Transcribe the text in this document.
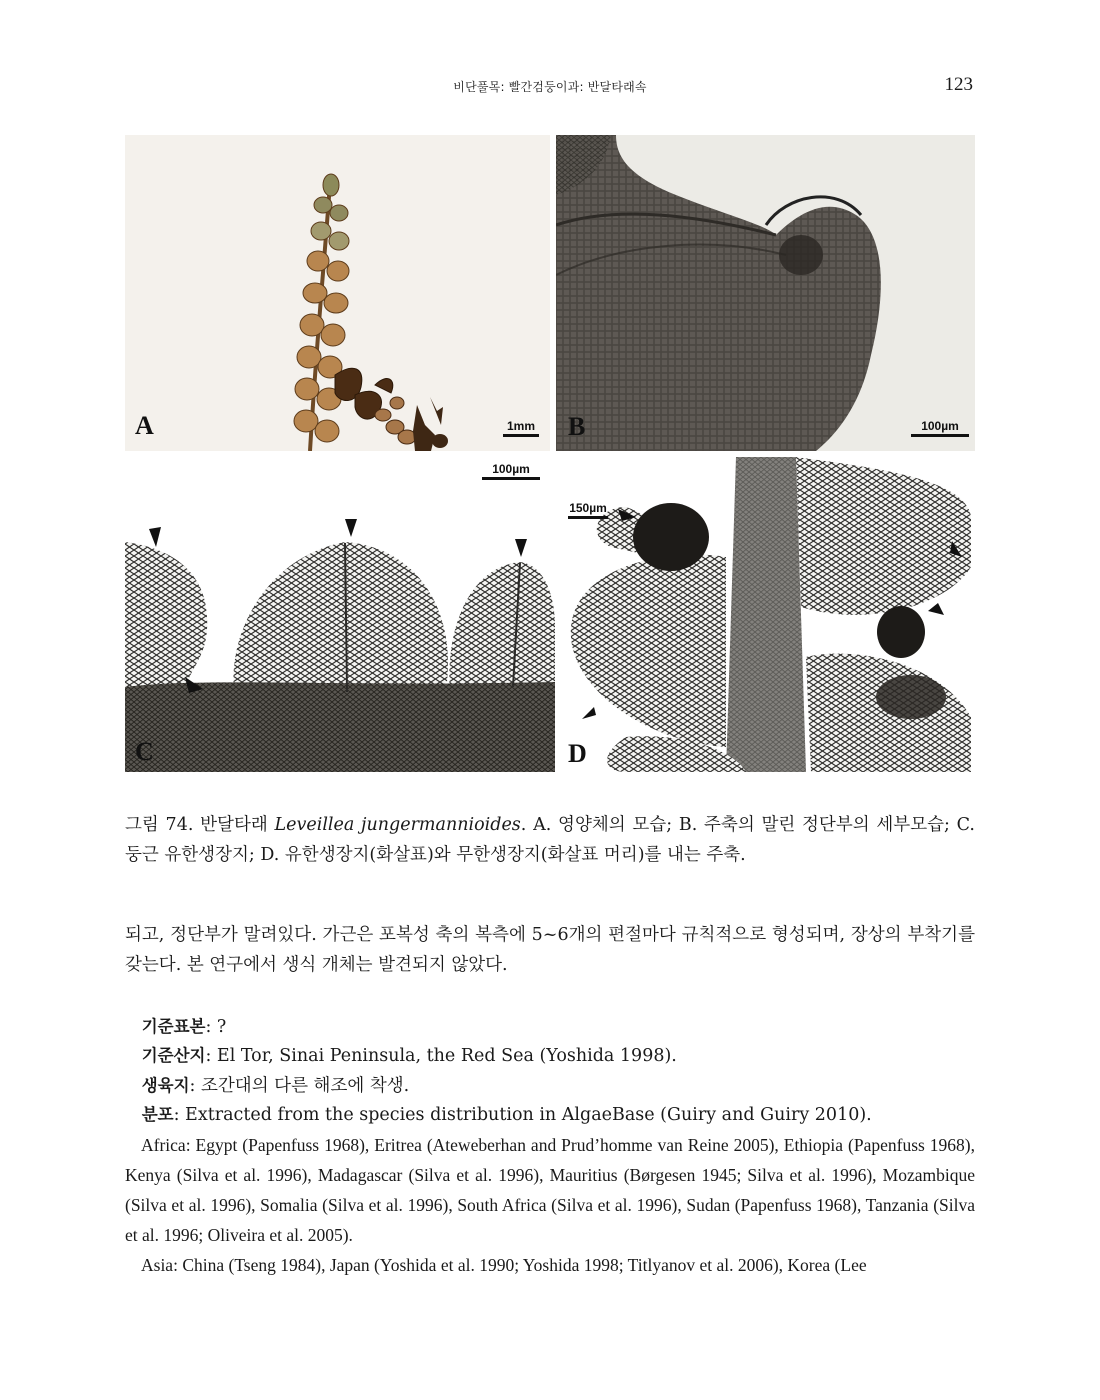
비단풀목: 빨간검둥이과: 반달타래속	123
A	1mm B	100µm
C
100µm
D
150µm
그림 74. 반달타래 Leveillea jungermannioides. A. 영양체의 모습; B. 주축의 말린 정단부의 세부모습; C. 둥근 유한생장지; D. 유한생장지(화살표)와 무한생장지(화살표 머리)를 내는 주축.
되고, 정단부가 말려있다. 가근은 포복성 축의 복측에 5~6개의 편절마다 규칙적으로 형성되며, 장상의 부착기를 갖는다. 본 연구에서 생식 개체는 발견되지 않았다.
기준표본: ?
기준산지: El Tor, Sinai Peninsula, the Red Sea (Yoshida 1998).
생육지: 조간대의 다른 해조에 착생.
분포: Extracted from the species distribution in AlgaeBase (Guiry and Guiry 2010).

Africa: Egypt (Papenfuss 1968), Eritrea (Ateweberhan and Prud’homme van Reine 2005), Ethiopia (Papenfuss 1968), Kenya (Silva et al. 1996), Madagascar (Silva et al. 1996), Mauritius (Børgesen 1945; Silva et al. 1996), Mozambique (Silva et al. 1996), Somalia (Silva et al. 1996), South Africa (Silva et al. 1996), Sudan (Papenfuss 1968), Tanzania (Silva et al. 1996; Oliveira et al. 2005).

Asia: China (Tseng 1984), Japan (Yoshida et al. 1990; Yoshida 1998; Titlyanov et al. 2006), Korea (Lee
